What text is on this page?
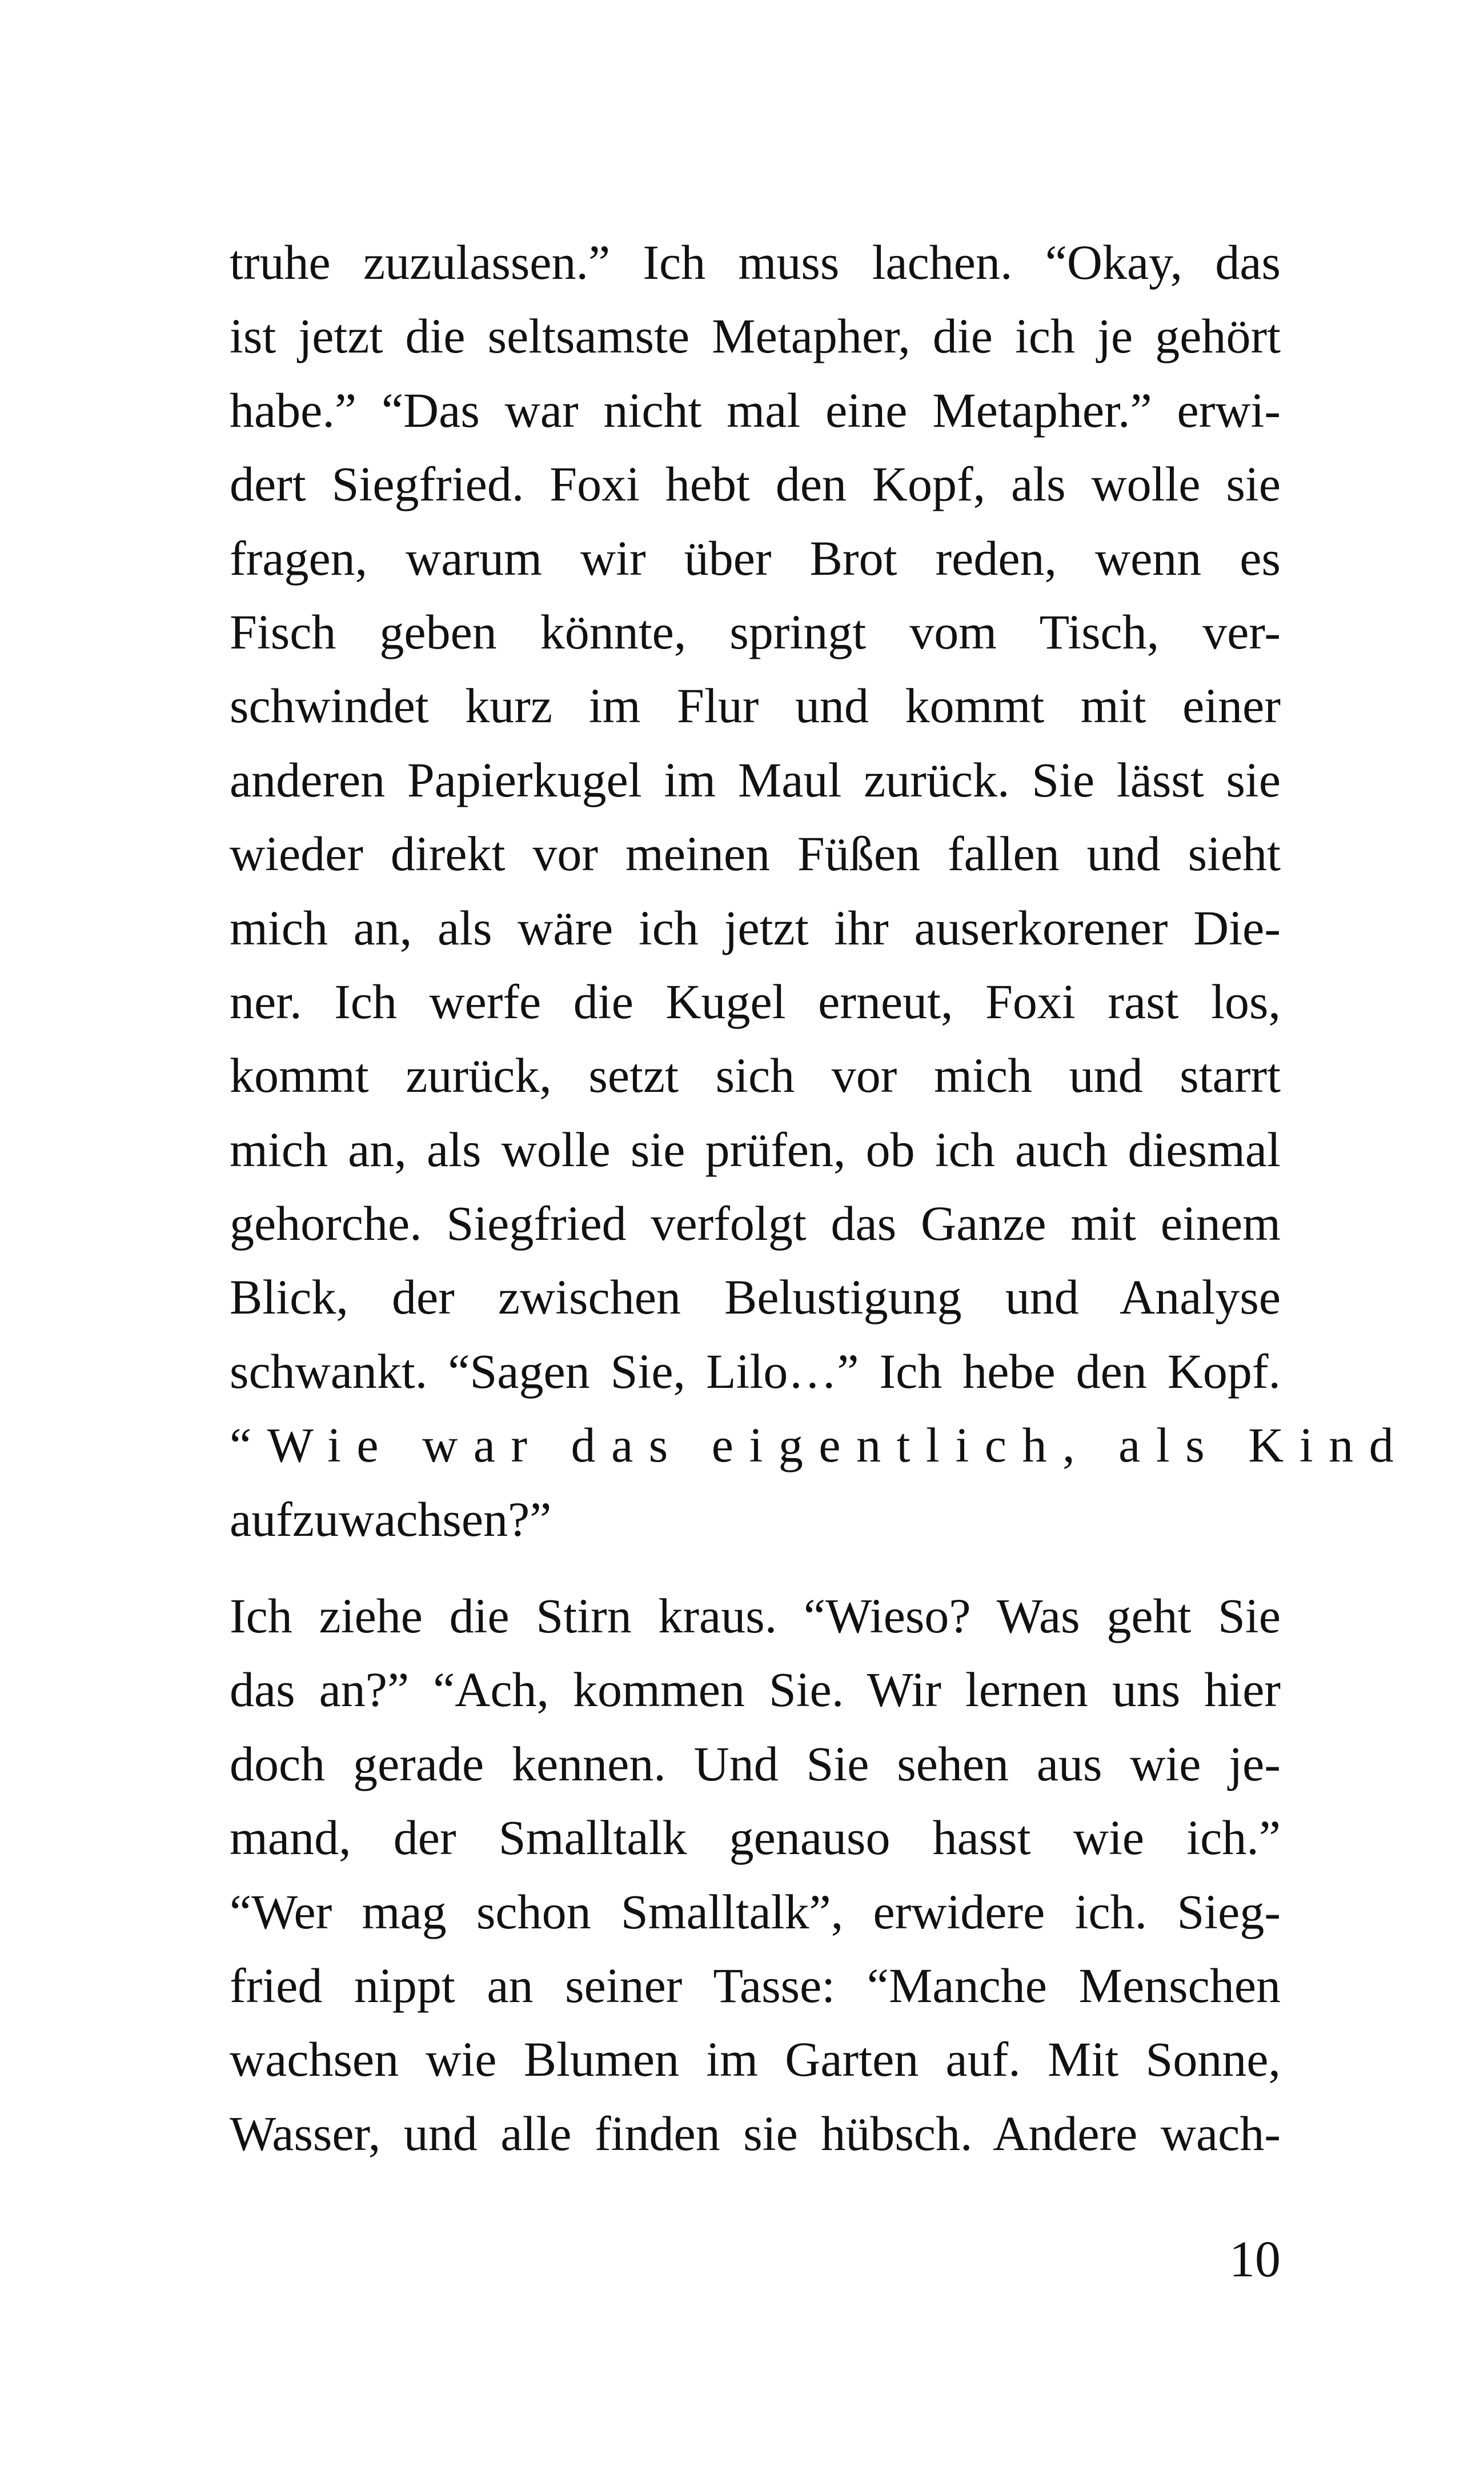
truhe zuzulassen.” Ich muss lachen. “Okay, das
ist jetzt die seltsamste Metapher, die ich je gehört
habe.” “Das war nicht mal eine Metapher.” erwi-
dert Siegfried. Foxi hebt den Kopf, als wolle sie
fragen, warum wir über Brot reden, wenn es
Fisch geben könnte, springt vom Tisch, ver-
schwindet kurz im Flur und kommt mit einer
anderen Papierkugel im Maul zurück. Sie lässt sie
wieder direkt vor meinen Füßen fallen und sieht
mich an, als wäre ich jetzt ihr auserkorener Die-
ner. Ich werfe die Kugel erneut, Foxi rast los,
kommt zurück, setzt sich vor mich und starrt
mich an, als wolle sie prüfen, ob ich auch diesmal
gehorche. Siegfried verfolgt das Ganze mit einem
Blick, der zwischen Belustigung und Analyse
schwankt. “Sagen Sie, Lilo…” Ich hebe den Kopf.
“Wie war das eigentlich, als Kind
aufzuwachsen?”
Ich ziehe die Stirn kraus. “Wieso? Was geht Sie
das an?” “Ach, kommen Sie. Wir lernen uns hier
doch gerade kennen. Und Sie sehen aus wie je-
mand, der Smalltalk genauso hasst wie ich.”
“Wer mag schon Smalltalk”, erwidere ich. Sieg-
fried nippt an seiner Tasse: “Manche Menschen
wachsen wie Blumen im Garten auf. Mit Sonne,
Wasser, und alle finden sie hübsch. Andere wach-
10
